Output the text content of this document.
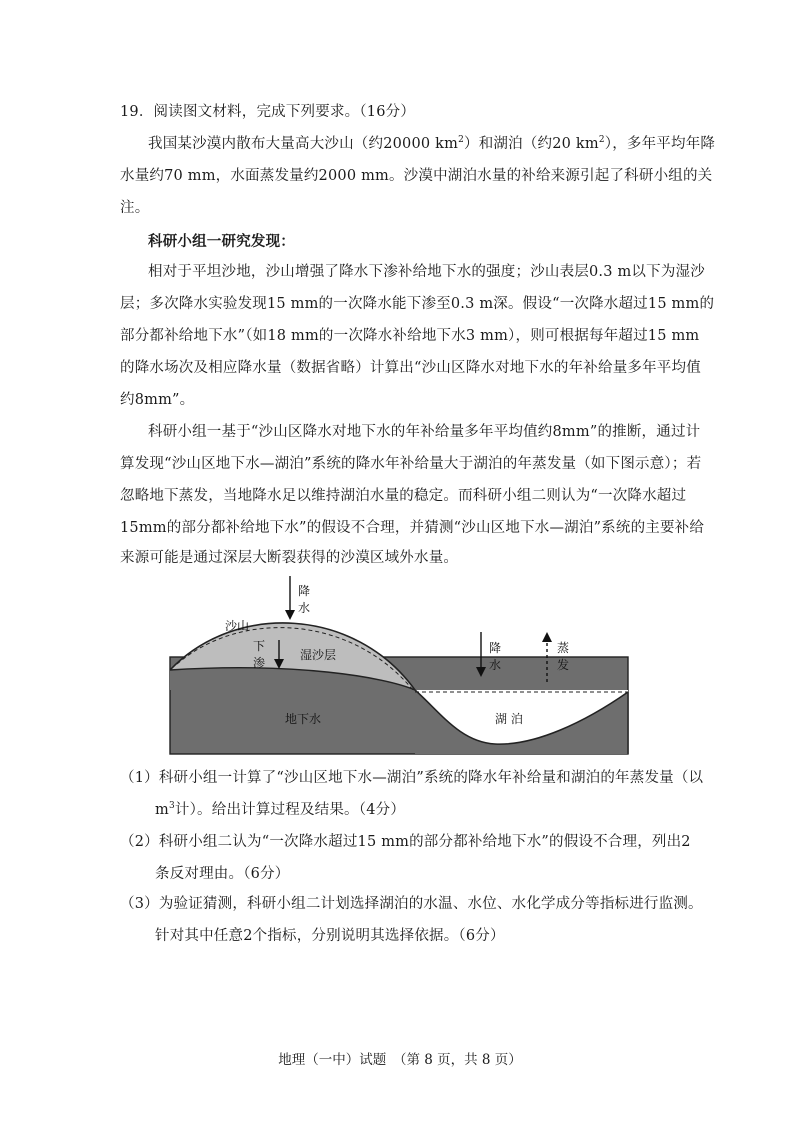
19．阅读图文材料，完成下列要求。（16分）
我国某沙漠内散布大量高大沙山（约20000 $km^2$）和湖泊（约20 $km^2$），多年平均年降
水量约70 mm，水面蒸发量约2000 mm。沙漠中湖泊水量的补给来源引起了科研小组的关
注。
科研小组一研究发现：
相对于平坦沙地，沙山增强了降水下渗补给地下水的强度；沙山表层0.3 m以下为湿沙
层；多次降水实验发现15 mm的一次降水能下渗至0.3 m深。假设“一次降水超过15 mm的
部分都补给地下水”（如18 mm的一次降水补给地下水3 mm），则可根据每年超过15 mm
的降水场次及相应降水量（数据省略）计算出“沙山区降水对地下水的年补给量多年平均值
约8mm”。
科研小组一基于“沙山区降水对地下水的年补给量多年平均值约8mm”的推断，通过计
算发现“沙山区地下水—湖泊”系统的降水年补给量大于湖泊的年蒸发量（如下图示意）；若
忽略地下蒸发，当地降水足以维持湖泊水量的稳定。而科研小组二则认为“一次降水超过
15mm的部分都补给地下水”的假设不合理，并猜测“沙山区地下水—湖泊”系统的主要补给
来源可能是通过深层大断裂获得的沙漠区域外水量。
降
水
沙山
下
渗
湿沙层	降
水
蒸
发
地下水	湖 泊
（1）科研小组一计算了“沙山区地下水—湖泊”系统的降水年补给量和湖泊的年蒸发量（以
$m^3$计）。给出计算过程及结果。（4分）
（2）科研小组二认为“一次降水超过15 mm的部分都补给地下水”的假设不合理，列出2
条反对理由。（6分）
（3）为验证猜测，科研小组二计划选择湖泊的水温、水位、水化学成分等指标进行监测。
针对其中任意2个指标，分别说明其选择依据。（6分）
地理（一中）试题　（第 8 页，共 8 页）
